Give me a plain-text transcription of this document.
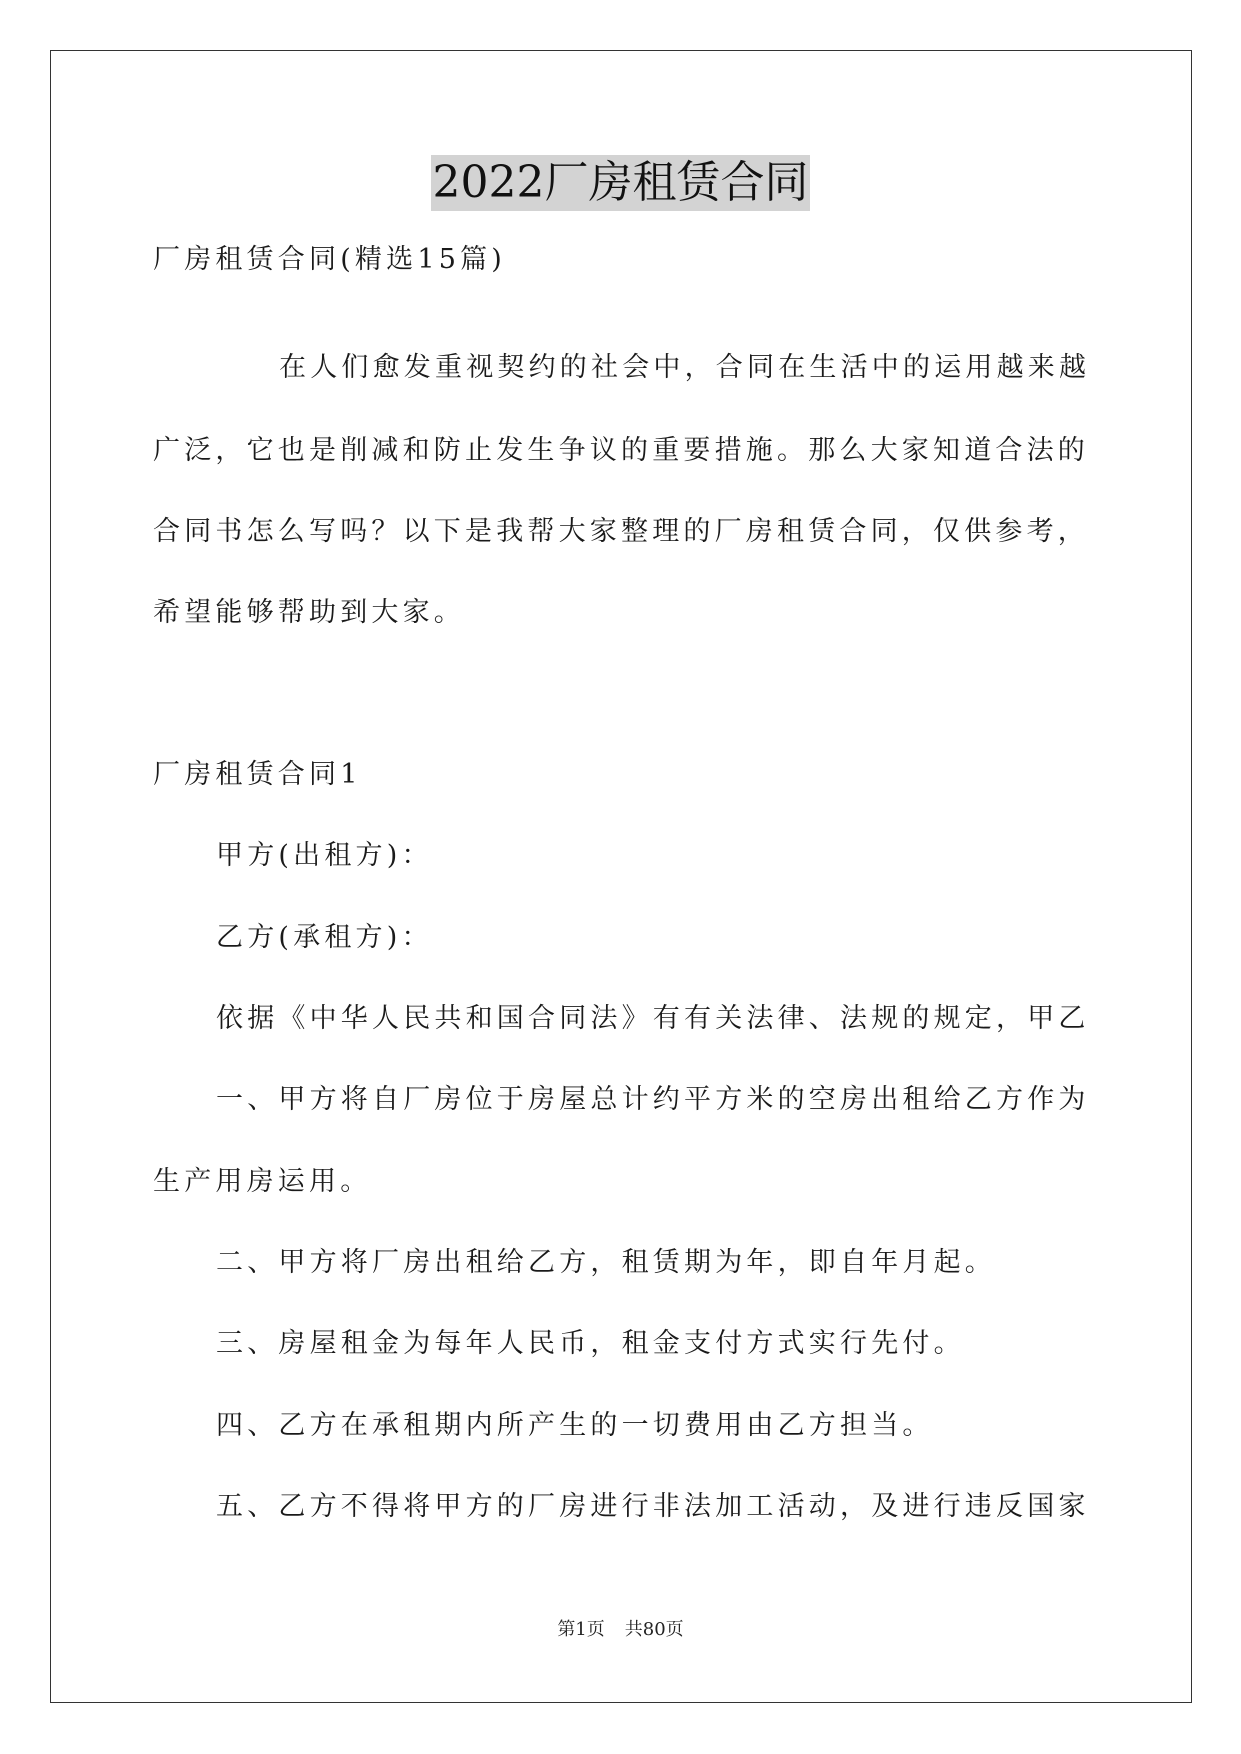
2022厂房租赁合同
厂房租赁合同(精选15篇)
在人们愈发重视契约的社会中，合同在生活中的运用越来越
广泛，它也是削减和防止发生争议的重要措施。那么大家知道合法的
合同书怎么写吗？以下是我帮大家整理的厂房租赁合同，仅供参考，
希望能够帮助到大家。
厂房租赁合同1
甲方(出租方)：
乙方(承租方)：
依据《中华人民共和国合同法》有有关法律、法规的规定，甲乙
一、甲方将自厂房位于房屋总计约平方米的空房出租给乙方作为
生产用房运用。
二、甲方将厂房出租给乙方，租赁期为年，即自年月起。
三、房屋租金为每年人民币，租金支付方式实行先付。
四、乙方在承租期内所产生的一切费用由乙方担当。
五、乙方不得将甲方的厂房进行非法加工活动，及进行违反国家
第1页 共80页
